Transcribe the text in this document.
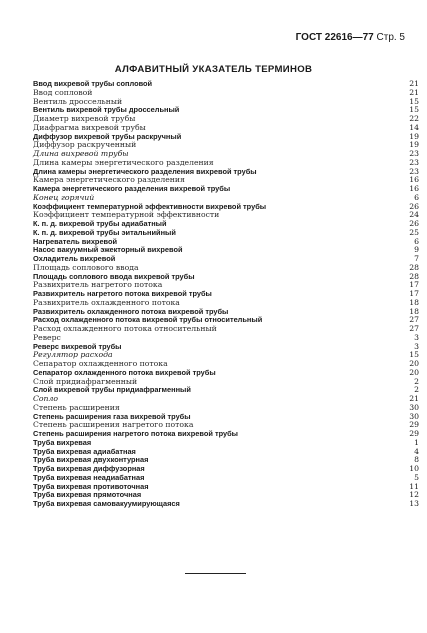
ГОСТ 22616—77 Стр. 5
АЛФАВИТНЫЙ УКАЗАТЕЛЬ ТЕРМИНОВ
Ввод вихревой трубы сопловой	21
Ввод сопловой	21
Вентиль дроссельный	15
Вентиль вихревой трубы дроссельный	15
Диаметр вихревой трубы	22
Диафрагма вихревой трубы	14
Диффузор вихревой трубы раскручный	19
Диффузор раскрученный	19
Длина вихревой трубы	23
Длина камеры энергетического разделения	23
Длина камеры энергетического разделения вихревой трубы	23
Камера энергетического разделения	16
Камера энергетического разделения вихревой трубы	16
Конец горячий	6
Коэффициент температурной эффективности вихревой трубы	26
Коэффициент температурной эффективности	24
К. п. д. вихревой трубы адиабатный	26
К. п. д. вихревой трубы эитальнийный	25
Нагреватель вихревой	6
Насос вакуумный эжекторный вихревой	9
Охладитель вихревой	7
Площадь соплового ввода	28
Площадь соплового ввода вихревой трубы	28
Развихритель нагретого потока	17
Развихритель нагретого потока вихревой трубы	17
Развихритель охлажденного потока	18
Развихритель охлажденного потока вихревой трубы	18
Расход охлажденного потока вихревой трубы относительный	27
Расход охлажденного потока относительный	27
Реверс	3
Реверс вихревой трубы	3
Регулятор расхода	15
Сепаратор охлажденного потока	20
Сепаратор охлажденного потока вихревой трубы	20
Слой придиафрагменный	2
Слой вихревой трубы придиафрагменный	2
Сопло	21
Степень расширения	30
Степень расширения газа вихревой трубы	30
Степень расширения нагретого потока	29
Степень расширения нагретого потока вихревой трубы	29
Труба вихревая	1
Труба вихревая адиабатная	4
Труба вихревая двухконтурная	8
Труба вихревая диффузорная	10
Труба вихревая неадиабатная	5
Труба вихревая противоточная	11
Труба вихревая прямоточная	12
Труба вихревая самовакуумирующаяся	13
